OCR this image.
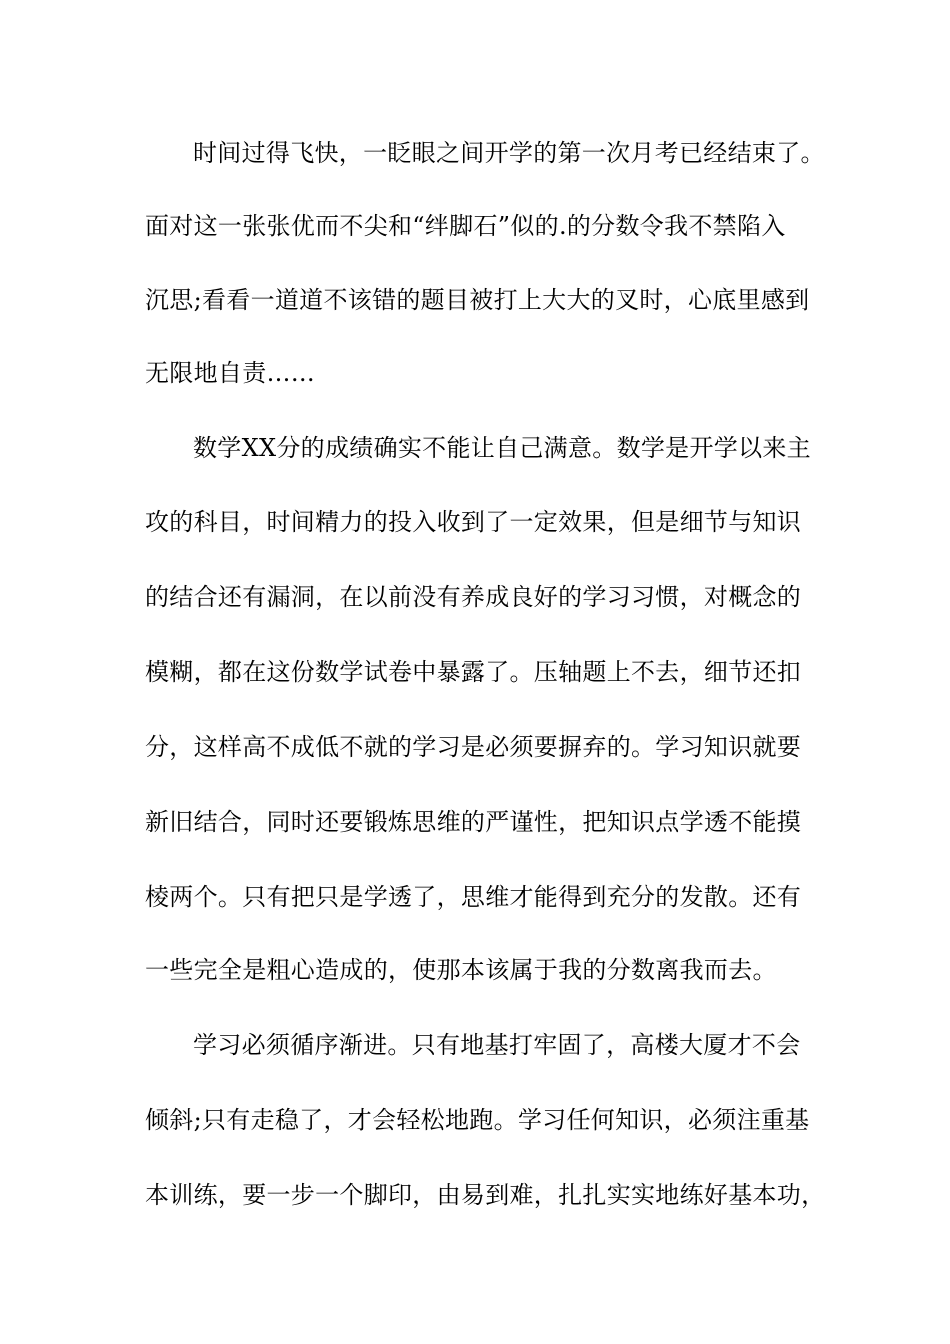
时间过得飞快，一眨眼之间开学的第一次月考已经结束了。
面对这一张张优而不尖和“绊脚石”似的.的分数令我不禁陷入
沉思;看看一道道不该错的题目被打上大大的叉时，心底里感到
无限地自责……
数学XX分的成绩确实不能让自己满意。数学是开学以来主
攻的科目，时间精力的投入收到了一定效果，但是细节与知识
的结合还有漏洞，在以前没有养成良好的学习习惯，对概念的
模糊，都在这份数学试卷中暴露了。压轴题上不去，细节还扣
分，这样高不成低不就的学习是必须要摒弃的。学习知识就要
新旧结合，同时还要锻炼思维的严谨性，把知识点学透不能摸
棱两个。只有把只是学透了，思维才能得到充分的发散。还有
一些完全是粗心造成的，使那本该属于我的分数离我而去。
学习必须循序渐进。只有地基打牢固了，高楼大厦才不会
倾斜;只有走稳了，才会轻松地跑。学习任何知识，必须注重基
本训练，要一步一个脚印，由易到难，扎扎实实地练好基本功，
